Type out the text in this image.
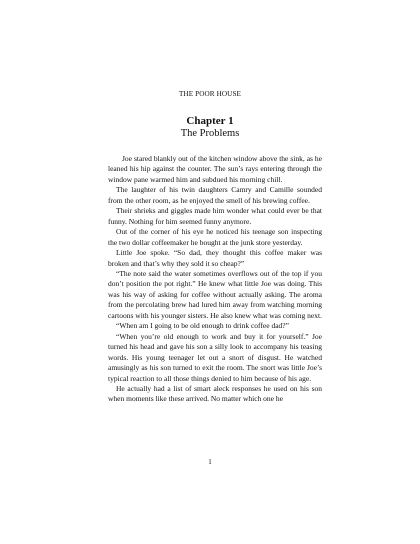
THE POOR HOUSE
Chapter 1
The Problems

Joe stared blankly out of the kitchen window above the sink, as he leaned his hip against the counter. The sun’s rays entering through the window pane warmed him and subdued his morning chill.

The laughter of his twin daughters Camry and Camille sounded from the other room, as he enjoyed the smell of his brewing coffee.

Their shrieks and giggles made him wonder what could ever be that funny. Nothing for him seemed funny anymore.

Out of the corner of his eye he noticed his teenage son inspecting the two dollar coffeemaker he bought at the junk store yesterday.

Little Joe spoke. “So dad, they thought this coffee maker was broken and that’s why they sold it so cheap?”

“The note said the water sometimes overflows out of the top if you don’t position the pot right.” He knew what little Joe was doing. This was his way of asking for coffee without actually asking. The aroma from the percolating brew had lured him away from watching morning cartoons with his younger sisters. He also knew what was coming next.

“When am I going to be old enough to drink coffee dad?”

“When you’re old enough to work and buy it for yourself.” Joe turned his head and gave his son a silly look to accompany his teasing words. His young teenager let out a snort of disgust. He watched amusingly as his son turned to exit the room. The snort was little Joe’s typical reaction to all those things denied to him because of his age.

He actually had a list of smart aleck responses he used on his son when moments like these arrived. No matter which one he

1
